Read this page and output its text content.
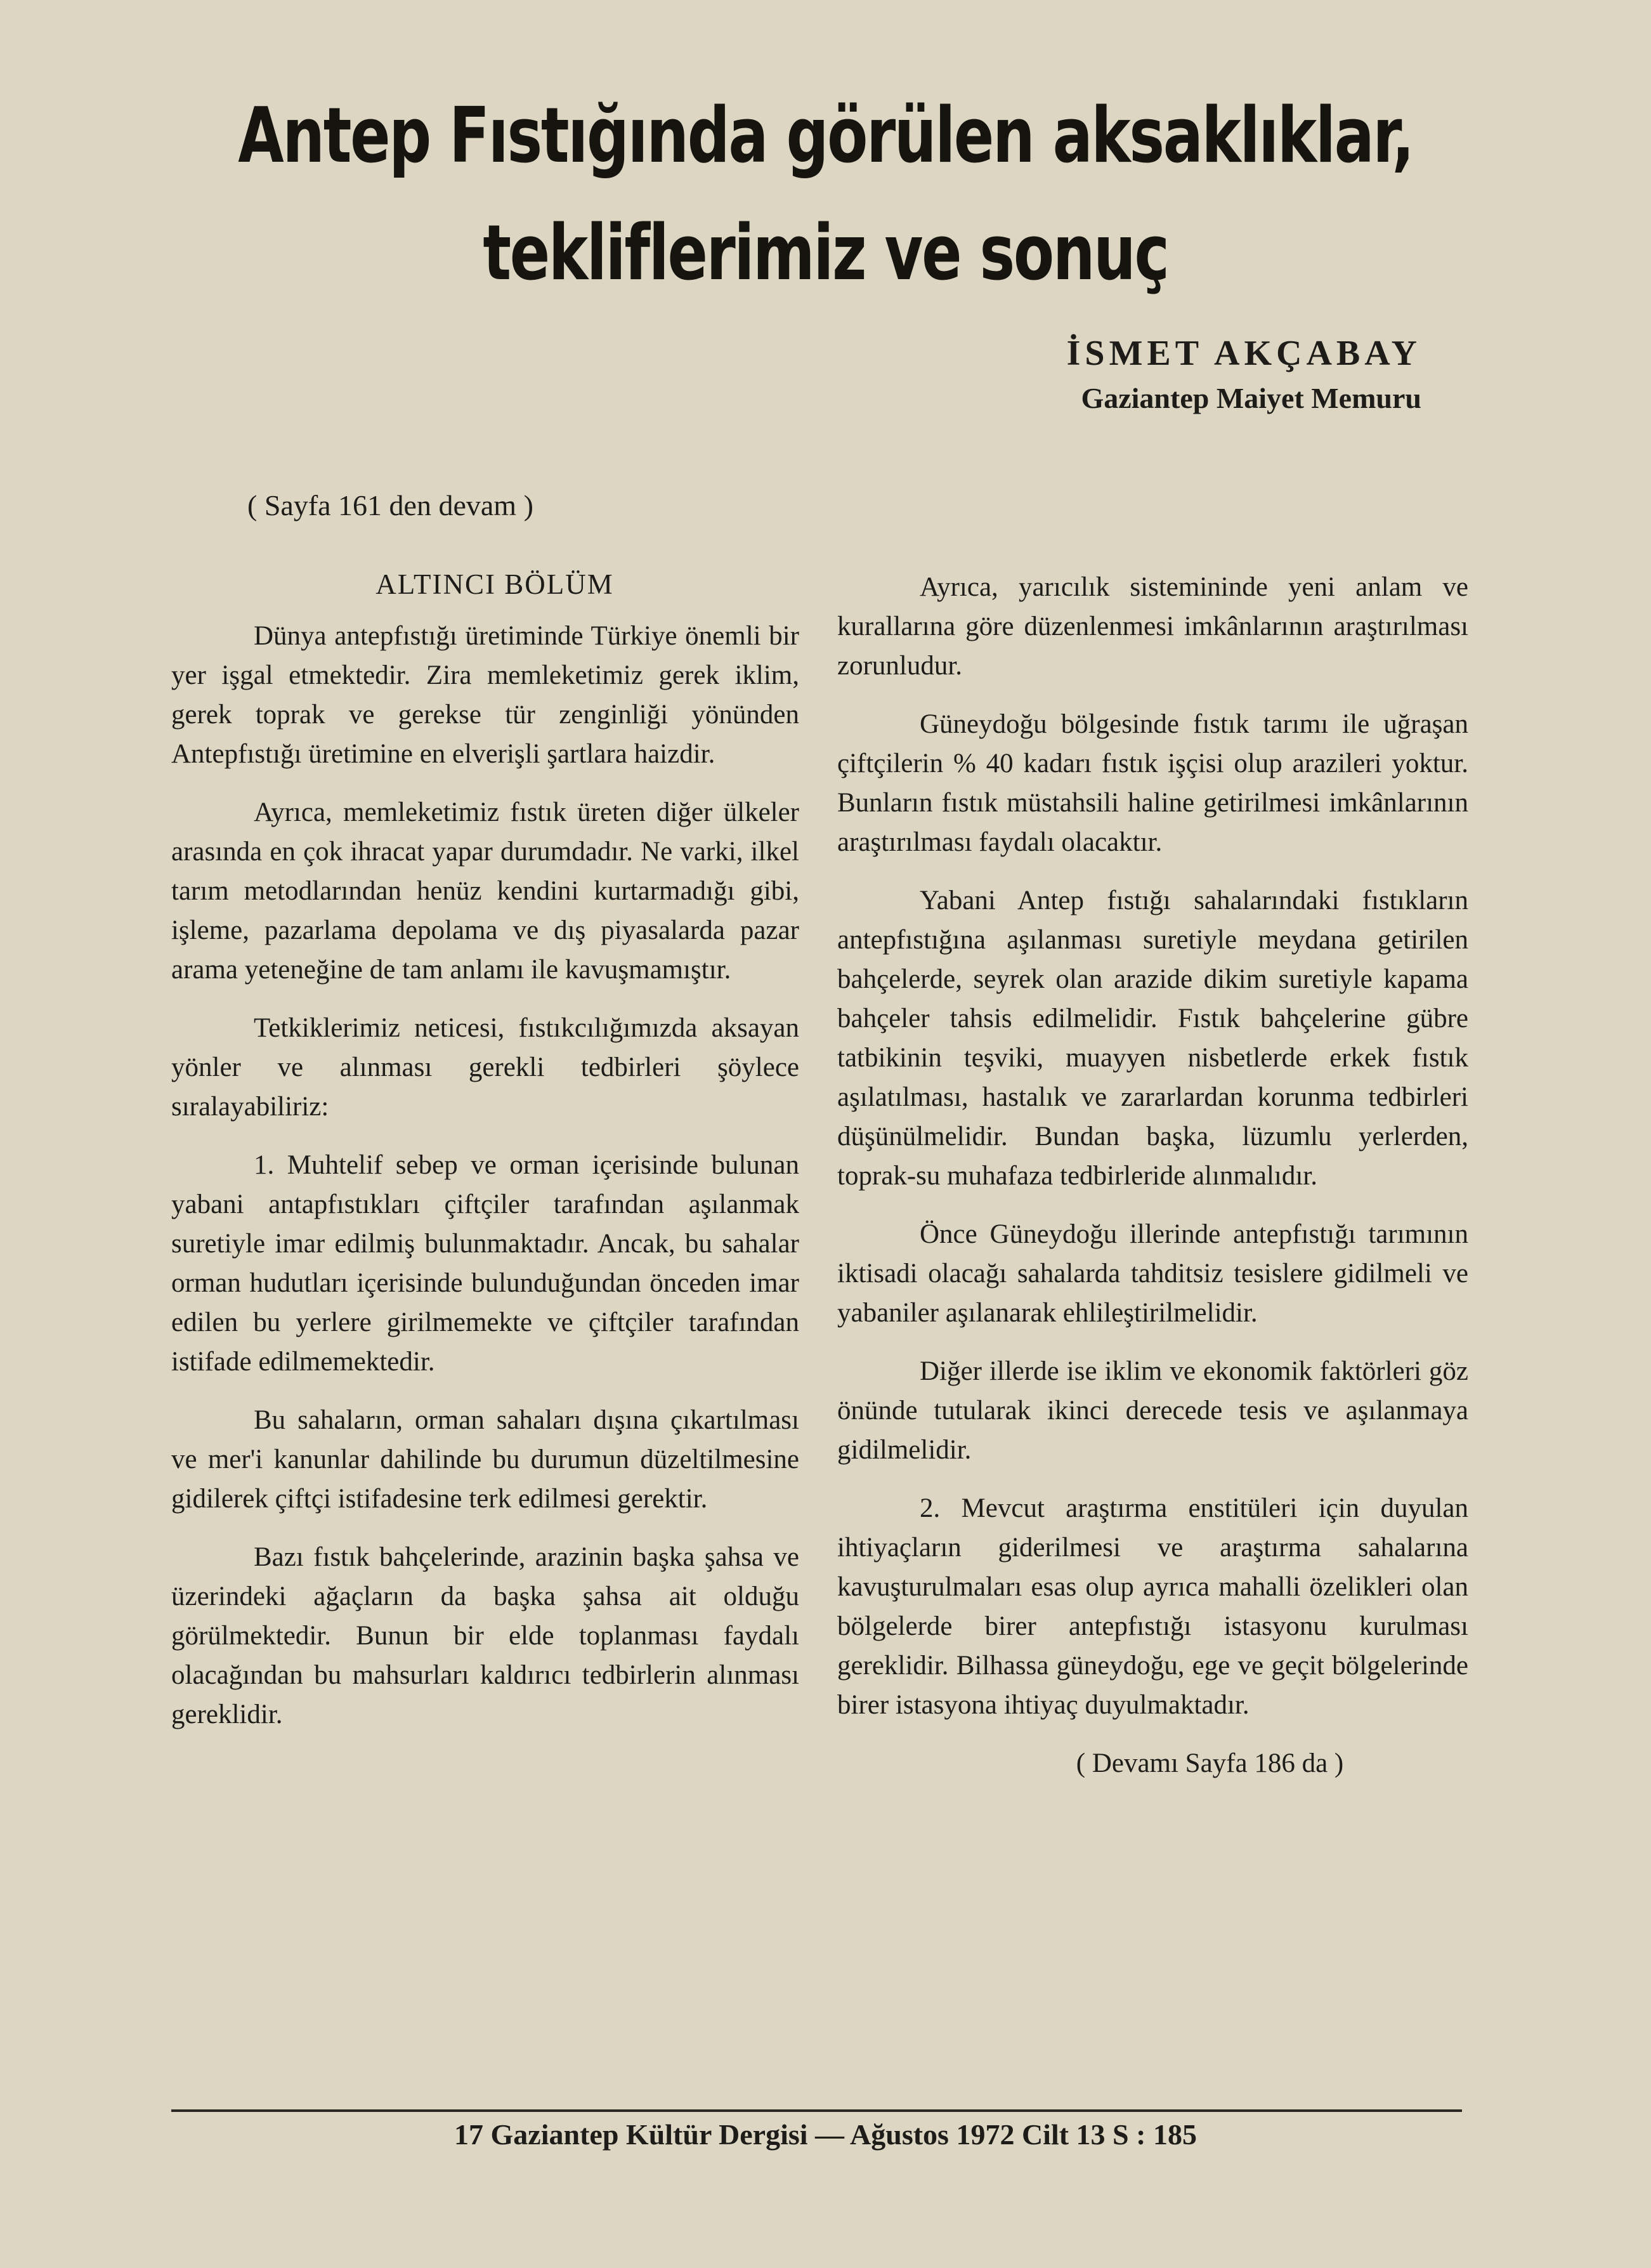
Antep Fıstığında görülen aksaklıklar,
tekliflerimiz ve sonuç
İSMET AKÇABAY
Gaziantep Maiyet Memuru
( Sayfa 161 den devam )
ALTINCI BÖLÜM

Dünya antepfıstığı üretiminde Türkiye önemli bir yer işgal etmektedir. Zira memleketimiz gerek iklim, gerek toprak ve gerekse tür zenginliği yönünden Antepfıstığı üretimine en elverişli şartlara haizdir.

Ayrıca, memleketimiz fıstık üreten diğer ülkeler arasında en çok ihracat yapar durumdadır. Ne varki, ilkel tarım metodlarından henüz kendini kurtarmadığı gibi, işleme, pazarlama depolama ve dış piyasalarda pazar arama yeteneğine de tam anlamı ile kavuşmamıştır.

Tetkiklerimiz neticesi, fıstıkcılığımızda aksayan yönler ve alınması gerekli tedbirleri şöylece sıralayabiliriz:

1. Muhtelif sebep ve orman içerisinde bulunan yabani antapfıstıkları çiftçiler tarafından aşılanmak suretiyle imar edilmiş bulunmaktadır. Ancak, bu sahalar orman hudutları içerisinde bulunduğundan önceden imar edilen bu yerlere girilmemekte ve çiftçiler tarafından istifade edilmemektedir.

Bu sahaların, orman sahaları dışına çıkartılması ve mer'i kanunlar dahilinde bu durumun düzeltilmesine gidilerek çiftçi istifadesine terk edilmesi gerektir.

Bazı fıstık bahçelerinde, arazinin başka şahsa ve üzerindeki ağaçların da başka şahsa ait olduğu görülmektedir. Bunun bir elde toplanması faydalı olacağından bu mahsurları kaldırıcı tedbirlerin alınması gereklidir.

Ayrıca, yarıcılık sistemininde yeni anlam ve kurallarına göre düzenlenmesi imkânlarının araştırılması zorunludur.

Güneydoğu bölgesinde fıstık tarımı ile uğraşan çiftçilerin % 40 kadarı fıstık işçisi olup arazileri yoktur. Bunların fıstık müstahsili haline getirilmesi imkânlarının araştırılması faydalı olacaktır.

Yabani Antep fıstığı sahalarındaki fıstıkların antepfıstığına aşılanması suretiyle meydana getirilen bahçelerde, seyrek olan arazide dikim suretiyle kapama bahçeler tahsis edilmelidir. Fıstık bahçelerine gübre tatbikinin teşviki, muayyen nisbetlerde erkek fıstık aşılatılması, hastalık ve zararlardan korunma tedbirleri düşünülmelidir. Bundan başka, lüzumlu yerlerden, toprak-su muhafaza tedbirleride alınmalıdır.

Önce Güneydoğu illerinde antepfıstığı tarımının iktisadi olacağı sahalarda tahditsiz tesislere gidilmeli ve yabaniler aşılanarak ehlileştirilmelidir.

Diğer illerde ise iklim ve ekonomik faktörleri göz önünde tutularak ikinci derecede tesis ve aşılanmaya gidilmelidir.

2. Mevcut araştırma enstitüleri için duyulan ihtiyaçların giderilmesi ve araştırma sahalarına kavuşturulmaları esas olup ayrıca mahalli özelikleri olan bölgelerde birer antepfıstığı istasyonu kurulması gereklidir. Bilhassa güneydoğu, ege ve geçit bölgelerinde birer istasyona ihtiyaç duyulmaktadır.

( Devamı Sayfa 186 da )

17 Gaziantep Kültür Dergisi — Ağustos 1972 Cilt 13 S : 185
